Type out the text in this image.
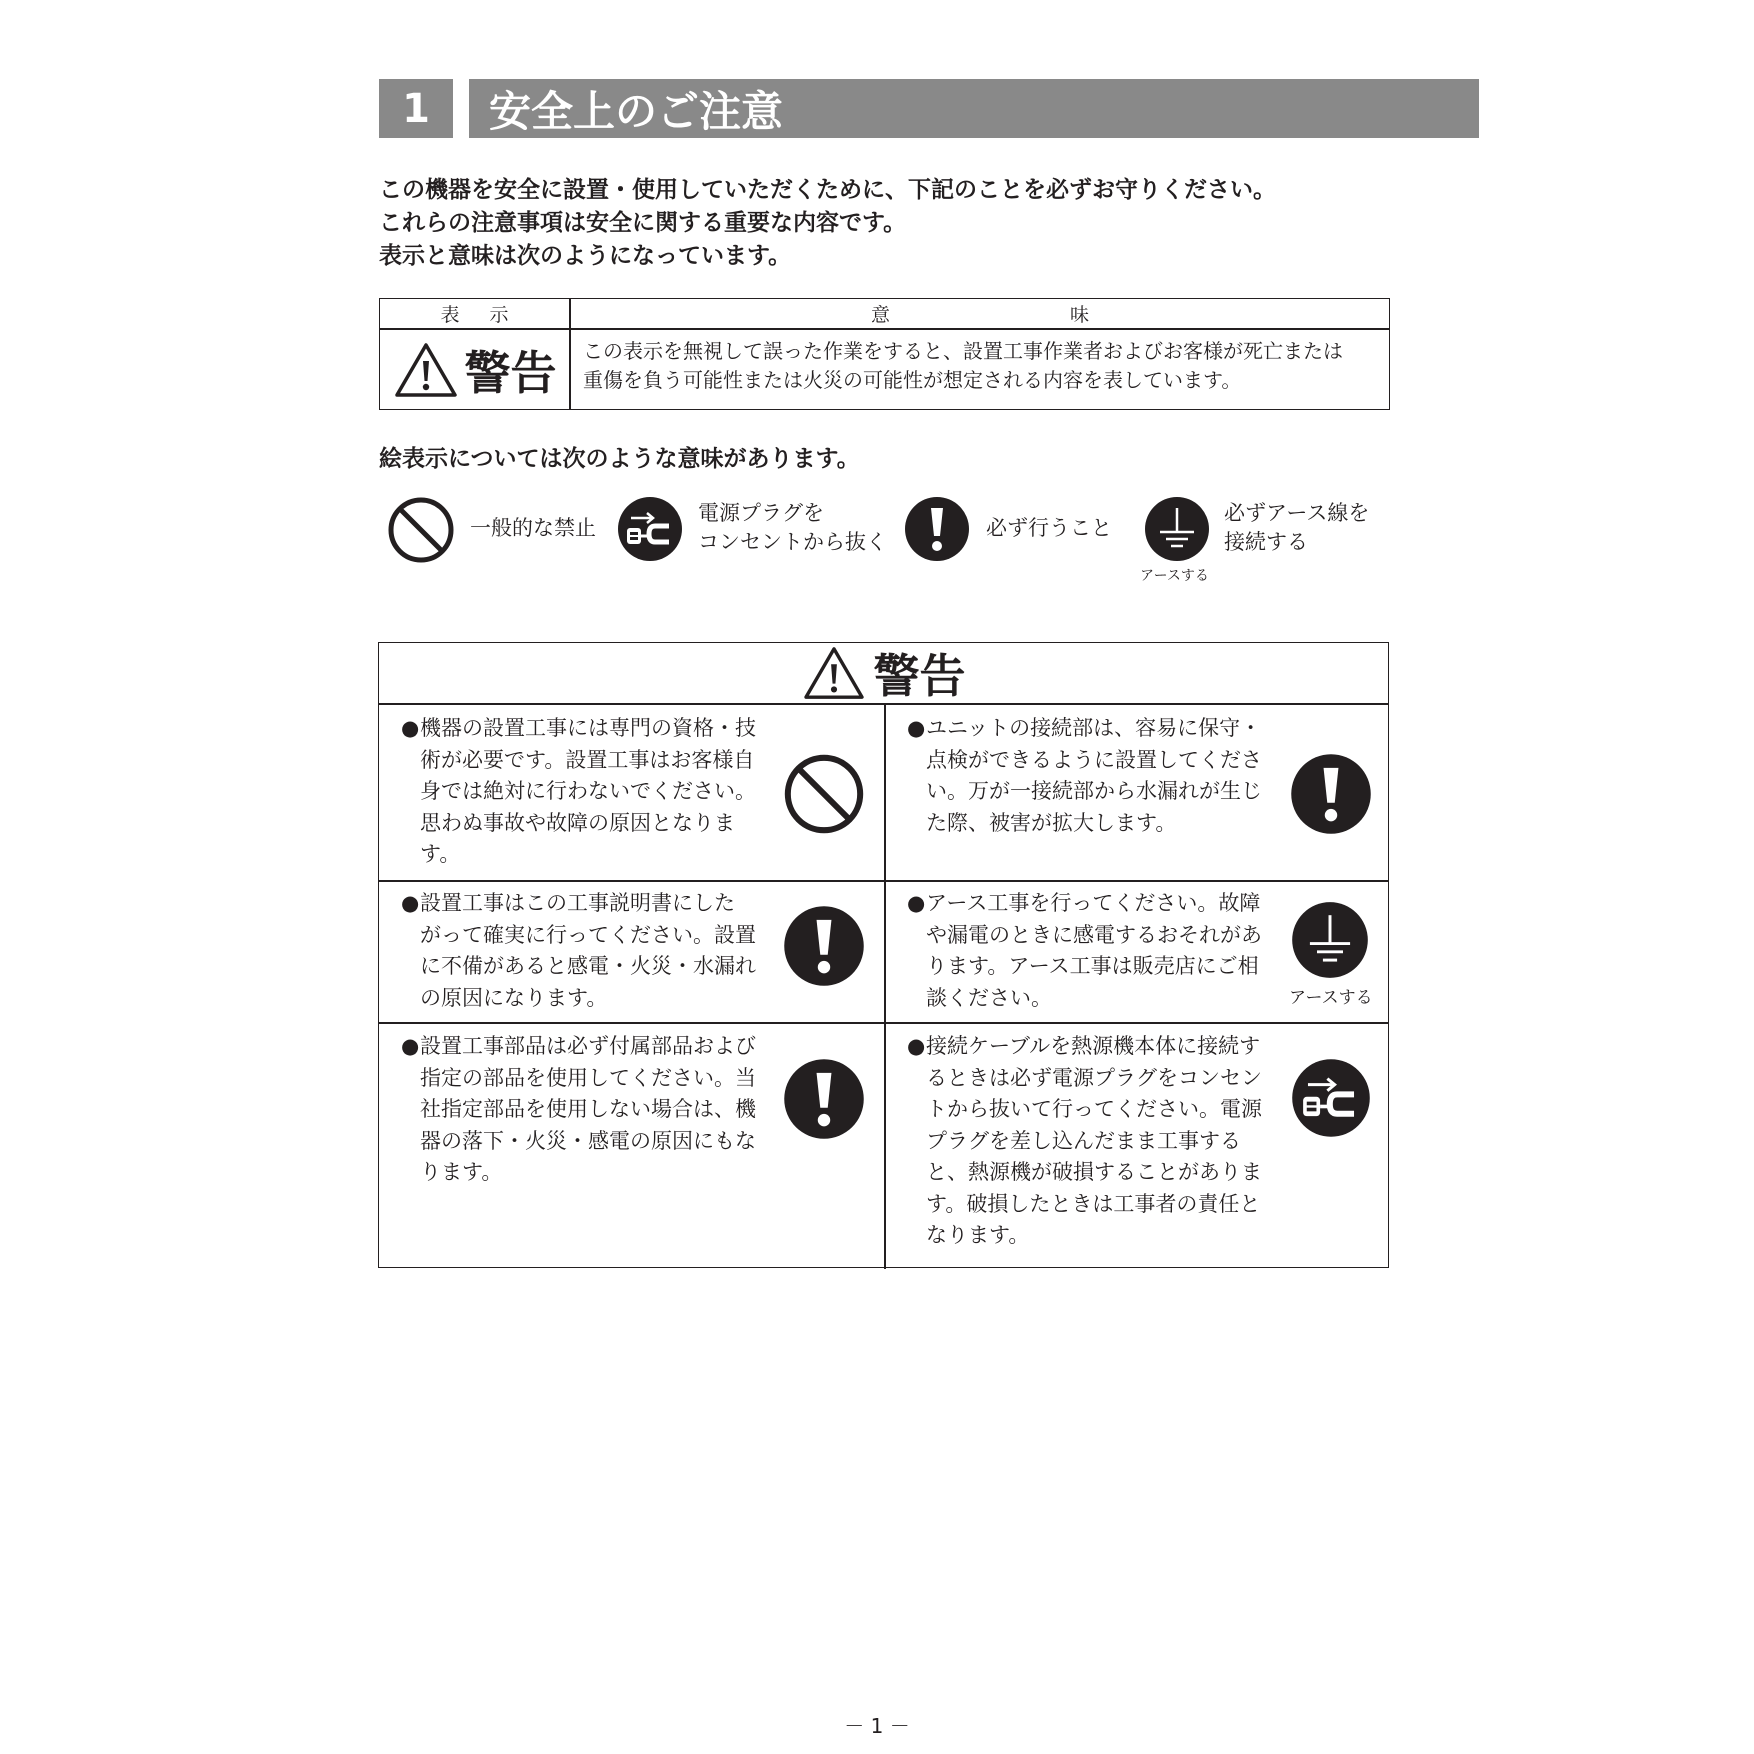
1	安全上のご注意
この機器を安全に設置・使用していただくために、下記のことを必ずお守りください。
これらの注意事項は安全に関する重要な内容です。
表示と意味は次のようになっています。
表示	意味
警告 この表示を無視して誤った作業をすると、設置工事作業者およびお客様が死亡または
重傷を負う可能性または火災の可能性が想定される内容を表しています。
絵表示については次のような意味があります。
一般的な禁止
電源プラグを
コンセントから抜く
必ず行うこと
アースする
必ずアース線を
接続する
警告
● 機器の設置工事には専門の資格・技
術が必要です。設置工事はお客様自
身では絶対に行わないでください。
思わぬ事故や故障の原因となりま
す。
● ユニットの接続部は、容易に保守・
点検ができるように設置してくださ
い。万が一接続部から水漏れが生じ
た際、被害が拡大します。
● 設置工事はこの工事説明書にした
がって確実に行ってください。設置
に不備があると感電・火災・水漏れ
の原因になります。
● アース工事を行ってください。故障
や漏電のときに感電するおそれがあ
ります。アース工事は販売店にご相
談ください。	アースする
● 設置工事部品は必ず付属部品および
指定の部品を使用してください。当
社指定部品を使用しない場合は、機
器の落下・火災・感電の原因にもな
ります。
● 接続ケーブルを熱源機本体に接続す
るときは必ず電源プラグをコンセン
トから抜いて行ってください。電源
プラグを差し込んだまま工事する
と、熱源機が破損することがありま
す。破損したときは工事者の責任と
なります。
－ 1 －
